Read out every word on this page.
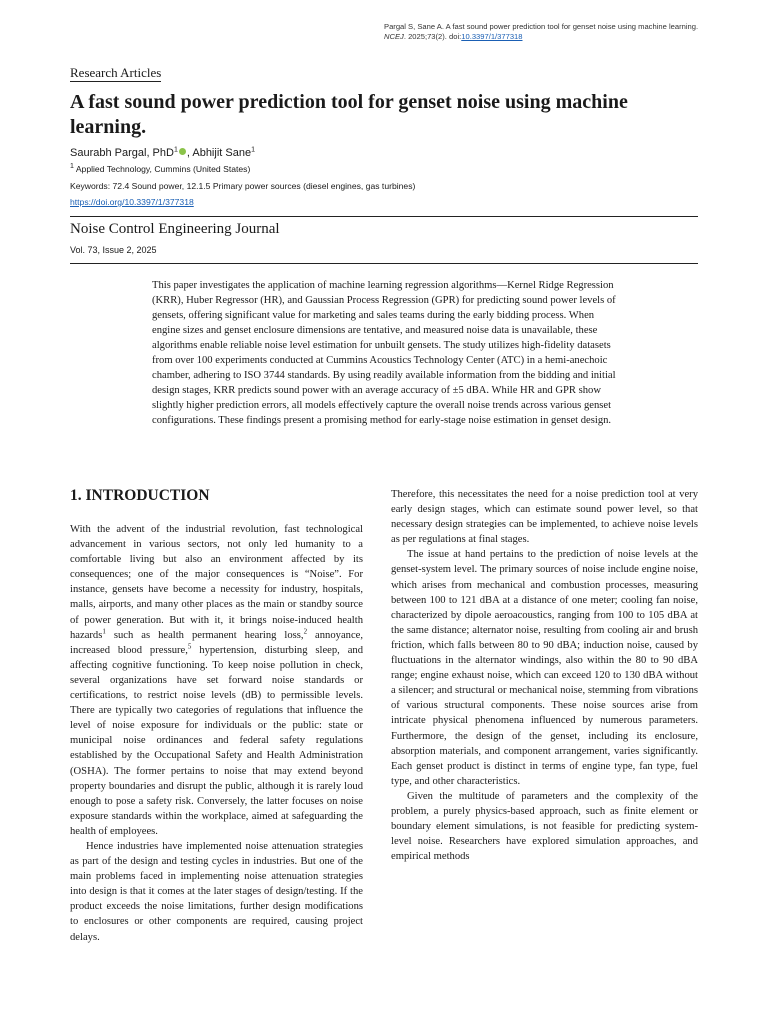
Pargal S, Sane A. A fast sound power prediction tool for genset noise using machine learning. NCEJ. 2025;73(2). doi:10.3397/1/377318
Research Articles
A fast sound power prediction tool for genset noise using machine learning.
Saurabh Pargal, PhD$^1$ , Abhijit Sane$^1$
$^1$ Applied Technology, Cummins (United States)
Keywords: 72.4 Sound power, 12.1.5 Primary power sources (diesel engines, gas turbines)
https://doi.org/10.3397/1/377318
Noise Control Engineering Journal
Vol. 73, Issue 2, 2025

This paper investigates the application of machine learning regression algorithms—Kernel Ridge Regression (KRR), Huber Regressor (HR), and Gaussian Process Regression (GPR) for predicting sound power levels of gensets, offering significant value for marketing and sales teams during the early bidding process. When engine sizes and genset enclosure dimensions are tentative, and measured noise data is unavailable, these algorithms enable reliable noise level estimation for unbuilt gensets. The study utilizes high-fidelity datasets from over 100 experiments conducted at Cummins Acoustics Technology Center (ATC) in a hemi-anechoic chamber, adhering to ISO 3744 standards. By using readily available information from the bidding and initial design stages, KRR predicts sound power with an average accuracy of ±5 dBA. While HR and GPR show slightly higher prediction errors, all models effectively capture the overall noise trends across various genset configurations. These findings present a promising method for early-stage noise estimation in genset design.

1. INTRODUCTION

With the advent of the industrial revolution, fast technological advancement in various sectors, not only led humanity to a comfortable living but also an environment affected by its consequences; one of the major consequences is “Noise”. For instance, gensets have become a necessity for industry, hospitals, malls, airports, and many other places as the main or standby source of power generation. But with it, it brings noise-induced health hazards$^1$ such as health permanent hearing loss,$^2$ annoyance, increased blood pressure,$^5$ hypertension, disturbing sleep, and affecting cognitive functioning. To keep noise pollution in check, several organizations have set forward noise standards or certifications, to restrict noise levels (dB) to permissible levels. There are typically two categories of regulations that influence the level of noise exposure for individuals or the public: state or municipal noise ordinances and federal safety regulations established by the Occupational Safety and Health Administration (OSHA). The former pertains to noise that may extend beyond property boundaries and disrupt the public, although it is rarely loud enough to pose a safety risk. Conversely, the latter focuses on noise exposure standards within the workplace, aimed at safeguarding the health of employees.

Hence industries have implemented noise attenuation strategies as part of the design and testing cycles in industries. But one of the main problems faced in implementing noise attenuation strategies into design is that it comes at the later stages of design/testing. If the product exceeds the noise limitations, further design modifications to enclosures or other components are required, causing project delays.

Therefore, this necessitates the need for a noise prediction tool at very early design stages, which can estimate sound power level, so that necessary design strategies can be implemented, to achieve noise levels as per regulations at final stages.

The issue at hand pertains to the prediction of noise levels at the genset-system level. The primary sources of noise include engine noise, which arises from mechanical and combustion processes, measuring between 100 to 121 dBA at a distance of one meter; cooling fan noise, characterized by dipole aeroacoustics, ranging from 100 to 105 dBA at the same distance; alternator noise, resulting from cooling air and brush friction, which falls between 80 to 90 dBA; induction noise, caused by fluctuations in the alternator windings, also within the 80 to 90 dBA range; engine exhaust noise, which can exceed 120 to 130 dBA without a silencer; and structural or mechanical noise, stemming from vibrations of various structural components. These noise sources arise from intricate physical phenomena influenced by numerous parameters. Furthermore, the design of the genset, including its enclosure, absorption materials, and component arrangement, varies significantly. Each genset product is distinct in terms of engine type, fan type, fuel type, and other characteristics.

Given the multitude of parameters and the complexity of the problem, a purely physics-based approach, such as finite element or boundary element simulations, is not feasible for predicting system-level noise. Researchers have explored simulation approaches, and empirical methods
